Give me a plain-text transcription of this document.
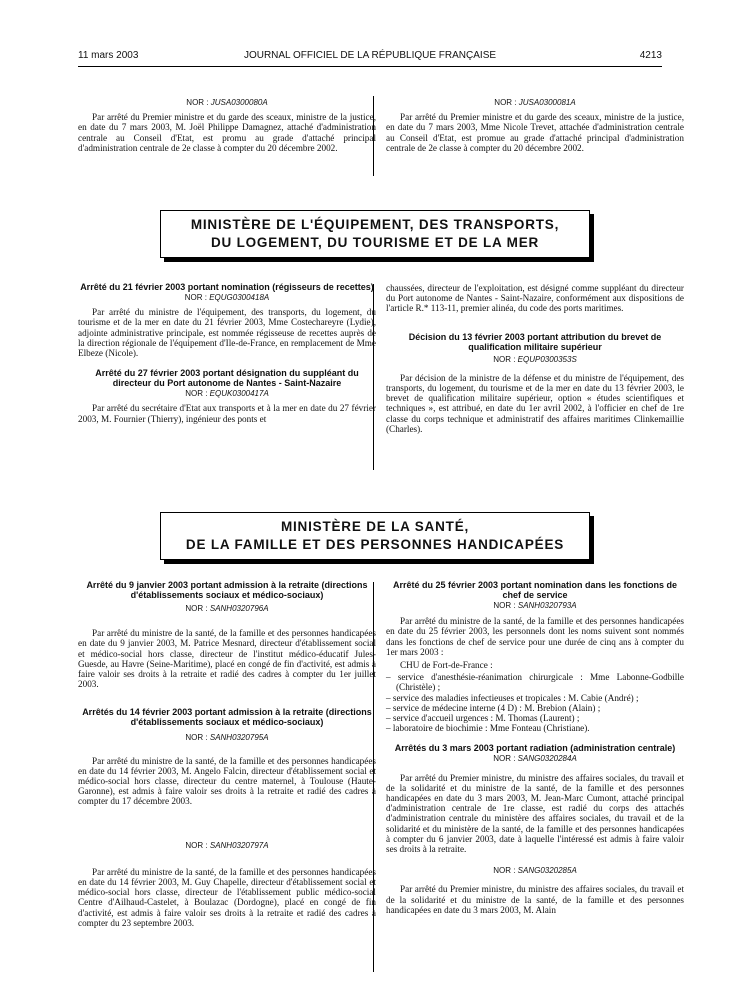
11 mars 2003	JOURNAL OFFICIEL DE LA RÉPUBLIQUE FRANÇAISE	4213
NOR : JUSA0300080A

Par arrêté du Premier ministre et du garde des sceaux, ministre de la justice, en date du 7 mars 2003, M. Joël Philippe Damagnez, attaché d'administration centrale au Conseil d'Etat, est promu au grade d'attaché principal d'administration centrale de 2e classe à compter du 20 décembre 2002.

NOR : JUSA0300081A

Par arrêté du Premier ministre et du garde des sceaux, ministre de la justice, en date du 7 mars 2003, Mme Nicole Trevet, attachée d'administration centrale au Conseil d'Etat, est promue au grade d'attaché principal d'administration centrale de 2e classe à compter du 20 décembre 2002.

MINISTÈRE DE L'ÉQUIPEMENT, DES TRANSPORTS,
DU LOGEMENT, DU TOURISME ET DE LA MER
Arrêté du 21 février 2003 portant nomination (régisseurs de recettes)
NOR : EQUG0300418A

Par arrêté du ministre de l'équipement, des transports, du logement, du tourisme et de la mer en date du 21 février 2003, Mme Costechareyre (Lydie), adjointe administrative principale, est nommée régisseuse de recettes auprès de la direction régionale de l'équipement d'Ile-de-France, en remplacement de Mme Elbeze (Nicole).

Arrêté du 27 février 2003 portant désignation du suppléant du directeur du Port autonome de Nantes - Saint-Nazaire
NOR : EQUK0300417A

Par arrêté du secrétaire d'Etat aux transports et à la mer en date du 27 février 2003, M. Fournier (Thierry), ingénieur des ponts et

chaussées, directeur de l'exploitation, est désigné comme suppléant du directeur du Port autonome de Nantes - Saint-Nazaire, conformément aux dispositions de l'article R.* 113-11, premier alinéa, du code des ports maritimes.

Décision du 13 février 2003 portant attribution du brevet de qualification militaire supérieur
NOR : EQUP0300353S

Par décision de la ministre de la défense et du ministre de l'équipement, des transports, du logement, du tourisme et de la mer en date du 13 février 2003, le brevet de qualification militaire supérieur, option « études scientifiques et techniques », est attribué, en date du 1er avril 2002, à l'officier en chef de 1re classe du corps technique et administratif des affaires maritimes Clinkemaillie (Charles).

MINISTÈRE DE LA SANTÉ,
DE LA FAMILLE ET DES PERSONNES HANDICAPÉES
Arrêté du 9 janvier 2003 portant admission à la retraite (directions d'établissements sociaux et médico-sociaux)
NOR : SANH0320796A

Par arrêté du ministre de la santé, de la famille et des personnes handicapées en date du 9 janvier 2003, M. Patrice Mesnard, directeur d'établissement social et médico-social hors classe, directeur de l'institut médico-éducatif Jules-Guesde, au Havre (Seine-Maritime), placé en congé de fin d'activité, est admis à faire valoir ses droits à la retraite et radié des cadres à compter du 1er juillet 2003.

Arrêtés du 14 février 2003 portant admission à la retraite (directions d'établissements sociaux et médico-sociaux)
NOR : SANH0320795A

Par arrêté du ministre de la santé, de la famille et des personnes handicapées en date du 14 février 2003, M. Angelo Falcin, directeur d'établissement social et médico-social hors classe, directeur du centre maternel, à Toulouse (Haute-Garonne), est admis à faire valoir ses droits à la retraite et radié des cadres à compter du 17 décembre 2003.

NOR : SANH0320797A

Par arrêté du ministre de la santé, de la famille et des personnes handicapées en date du 14 février 2003, M. Guy Chapelle, directeur d'établissement social et médico-social hors classe, directeur de l'établissement public médico-social Centre d'Ailhaud-Castelet, à Boulazac (Dordogne), placé en congé de fin d'activité, est admis à faire valoir ses droits à la retraite et radié des cadres à compter du 23 septembre 2003.

Arrêté du 25 février 2003 portant nomination dans les fonctions de chef de service
NOR : SANH0320793A

Par arrêté du ministre de la santé, de la famille et des personnes handicapées en date du 25 février 2003, les personnels dont les noms suivent sont nommés dans les fonctions de chef de service pour une durée de cinq ans à compter du 1er mars 2003 :

CHU de Fort-de-France :

– service d'anesthésie-réanimation chirurgicale : Mme Labonne-Godbille (Christèle) ;
– service des maladies infectieuses et tropicales : M. Cabie (André) ;
– service de médecine interne (4 D) : M. Brebion (Alain) ;
– service d'accueil urgences : M. Thomas (Laurent) ;
– laboratoire de biochimie : Mme Fonteau (Christiane).
Arrêtés du 3 mars 2003 portant radiation (administration centrale)
NOR : SANG0320284A

Par arrêté du Premier ministre, du ministre des affaires sociales, du travail et de la solidarité et du ministre de la santé, de la famille et des personnes handicapées en date du 3 mars 2003, M. Jean-Marc Cumont, attaché principal d'administration centrale de 1re classe, est radié du corps des attachés d'administration centrale du ministère des affaires sociales, du travail et de la solidarité et du ministère de la santé, de la famille et des personnes handicapées à compter du 6 janvier 2003, date à laquelle l'intéressé est admis à faire valoir ses droits à la retraite.

NOR : SANG0320285A

Par arrêté du Premier ministre, du ministre des affaires sociales, du travail et de la solidarité et du ministre de la santé, de la famille et des personnes handicapées en date du 3 mars 2003, M. Alain
